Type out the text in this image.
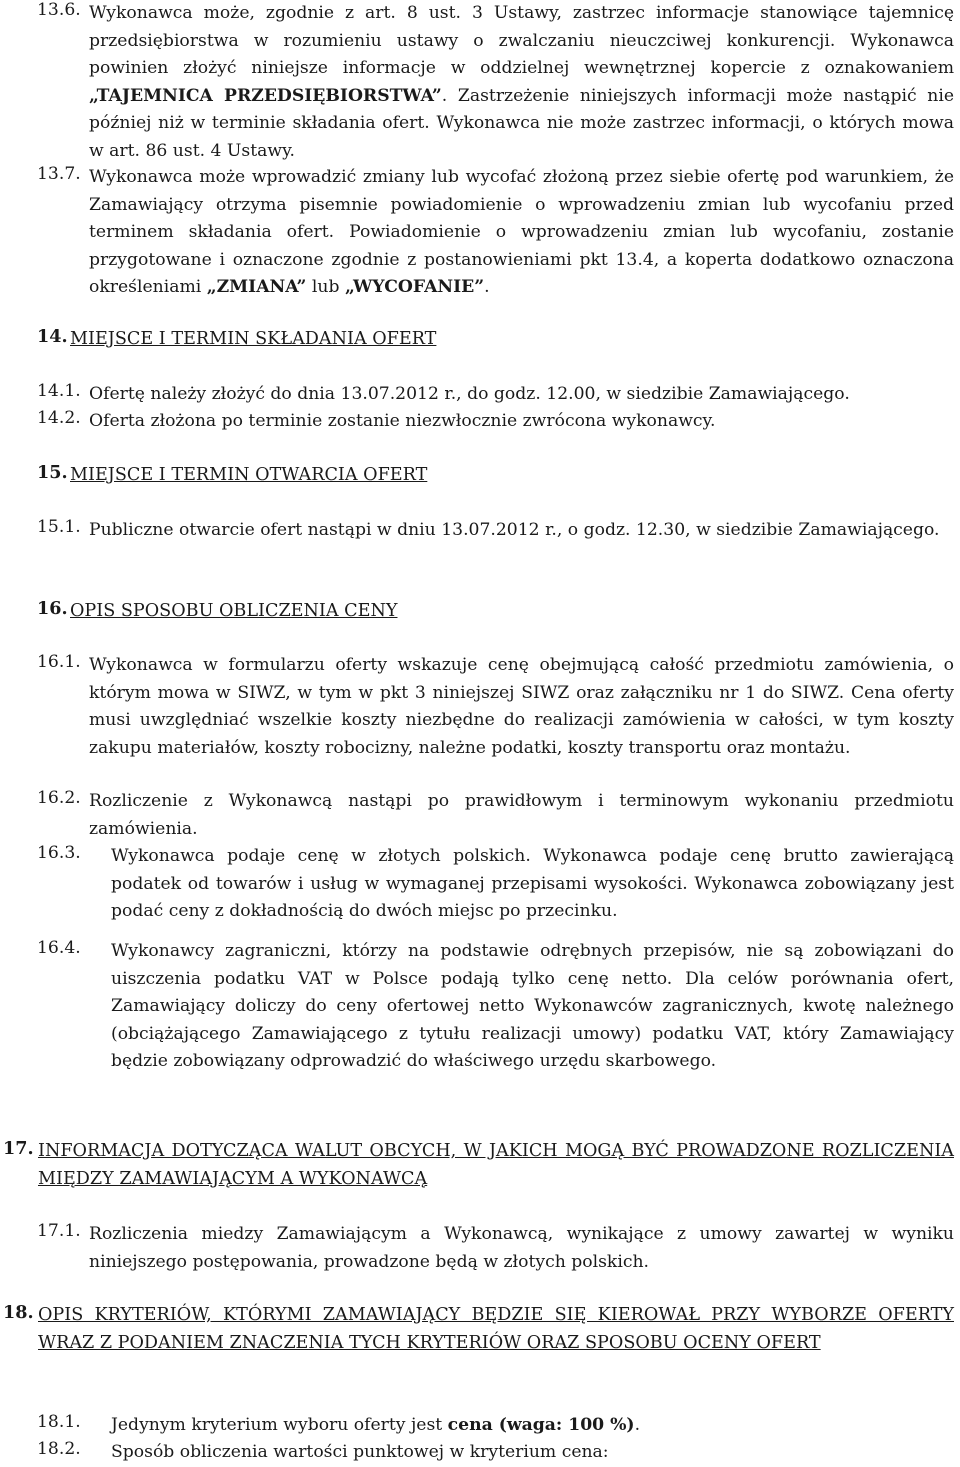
13.6. Wykonawca może, zgodnie z art. 8 ust. 3 Ustawy, zastrzec informacje stanowiące tajemnicę przedsiębiorstwa w rozumieniu ustawy o zwalczaniu nieuczciwej konkurencji. Wykonawca powinien złożyć niniejsze informacje w oddzielnej wewnętrznej kopercie z oznakowaniem „TAJEMNICA PRZEDSIĘBIORSTWA”. Zastrzeżenie niniejszych informacji może nastąpić nie później niż w terminie składania ofert. Wykonawca nie może zastrzec informacji, o których mowa w art. 86 ust. 4 Ustawy.
13.7. Wykonawca może wprowadzić zmiany lub wycofać złożoną przez siebie ofertę pod warunkiem, że Zamawiający otrzyma pisemnie powiadomienie o wprowadzeniu zmian lub wycofaniu przed terminem składania ofert. Powiadomienie o wprowadzeniu zmian lub wycofaniu, zostanie przygotowane i oznaczone zgodnie z postanowieniami pkt 13.4, a koperta dodatkowo oznaczona określeniami „ZMIANA” lub „WYCOFANIE”.
14. MIEJSCE I TERMIN SKŁADANIA OFERT
14.1. Ofertę należy złożyć do dnia 13.07.2012 r., do godz. 12.00, w siedzibie Zamawiającego.
14.2. Oferta złożona po terminie zostanie niezwłocznie zwrócona wykonawcy.
15. MIEJSCE I TERMIN OTWARCIA OFERT
15.1. Publiczne otwarcie ofert nastąpi w dniu 13.07.2012 r., o godz. 12.30, w siedzibie Zamawiającego.
16. OPIS SPOSOBU OBLICZENIA CENY
16.1. Wykonawca w formularzu oferty wskazuje cenę obejmującą całość przedmiotu zamówienia, o którym mowa w SIWZ, w tym w pkt 3 niniejszej SIWZ oraz załączniku nr 1 do SIWZ. Cena oferty musi uwzględniać wszelkie koszty niezbędne do realizacji zamówienia w całości, w tym koszty zakupu materiałów, koszty robocizny, należne podatki, koszty transportu oraz montażu.
16.2. Rozliczenie z Wykonawcą nastąpi po prawidłowym i terminowym wykonaniu przedmiotu zamówienia.
16.3.	Wykonawca podaje cenę w złotych polskich. Wykonawca podaje cenę brutto zawierającą podatek od towarów i usług w wymaganej przepisami wysokości. Wykonawca zobowiązany jest podać ceny z dokładnością do dwóch miejsc po przecinku.
16.4.	Wykonawcy zagraniczni, którzy na podstawie odrębnych przepisów, nie są zobowiązani do uiszczenia podatku VAT w Polsce podają tylko cenę netto. Dla celów porównania ofert, Zamawiający doliczy do ceny ofertowej netto Wykonawców zagranicznych, kwotę należnego (obciążającego Zamawiającego z tytułu realizacji umowy) podatku VAT, który Zamawiający będzie zobowiązany odprowadzić do właściwego urzędu skarbowego.
17. INFORMACJA DOTYCZĄCA WALUT OBCYCH, W JAKICH MOGĄ BYĆ PROWADZONE ROZLICZENIA MIĘDZY ZAMAWIAJĄCYM A WYKONAWCĄ
17.1. Rozliczenia miedzy Zamawiającym a Wykonawcą, wynikające z umowy zawartej w wyniku niniejszego postępowania, prowadzone będą w złotych polskich.
18. OPIS KRYTERIÓW, KTÓRYMI ZAMAWIAJĄCY BĘDZIE SIĘ KIEROWAŁ PRZY WYBORZE OFERTY WRAZ Z PODANIEM ZNACZENIA TYCH KRYTERIÓW ORAZ SPOSOBU OCENY OFERT
18.1.	Jedynym kryterium wyboru oferty jest cena (waga: 100 %).
18.2.	Sposób obliczenia wartości punktowej w kryterium cena:
